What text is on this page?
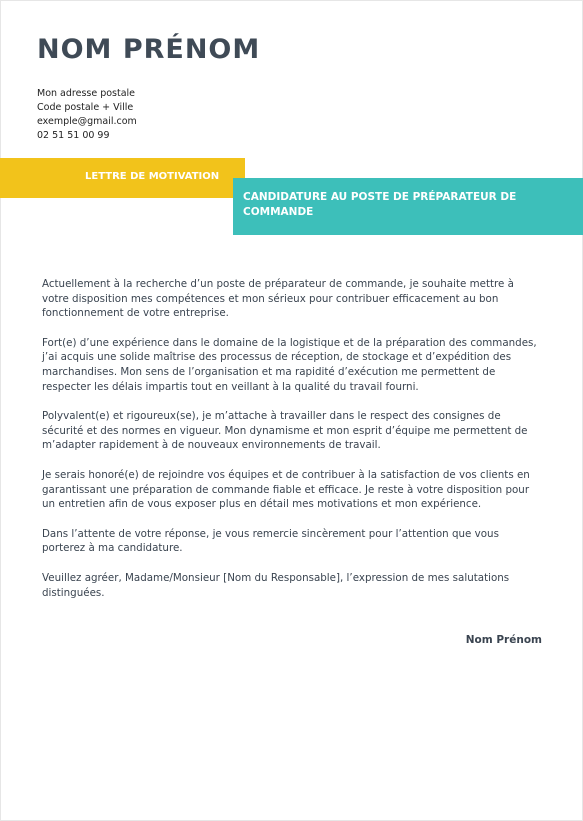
NOM PRÉNOM
Mon adresse postale
Code postale + Ville
exemple@gmail.com
02 51 51 00 99
LETTRE DE MOTIVATION
CANDIDATURE AU POSTE DE PRÉPARATEUR DE COMMANDE

Actuellement à la recherche d’un poste de préparateur de commande, je souhaite mettre à votre disposition mes compétences et mon sérieux pour contribuer efficacement au bon fonctionnement de votre entreprise.

Fort(e) d’une expérience dans le domaine de la logistique et de la préparation des commandes, j’ai acquis une solide maîtrise des processus de réception, de stockage et d’expédition des marchandises. Mon sens de l’organisation et ma rapidité d’exécution me permettent de respecter les délais impartis tout en veillant à la qualité du travail fourni.

Polyvalent(e) et rigoureux(se), je m’attache à travailler dans le respect des consignes de sécurité et des normes en vigueur. Mon dynamisme et mon esprit d’équipe me permettent de m’adapter rapidement à de nouveaux environnements de travail.

Je serais honoré(e) de rejoindre vos équipes et de contribuer à la satisfaction de vos clients en garantissant une préparation de commande fiable et efficace. Je reste à votre disposition pour un entretien afin de vous exposer plus en détail mes motivations et mon expérience.

Dans l’attente de votre réponse, je vous remercie sincèrement pour l’attention que vous porterez à ma candidature.

Veuillez agréer, Madame/Monsieur [Nom du Responsable], l’expression de mes salutations distinguées.

Nom Prénom
